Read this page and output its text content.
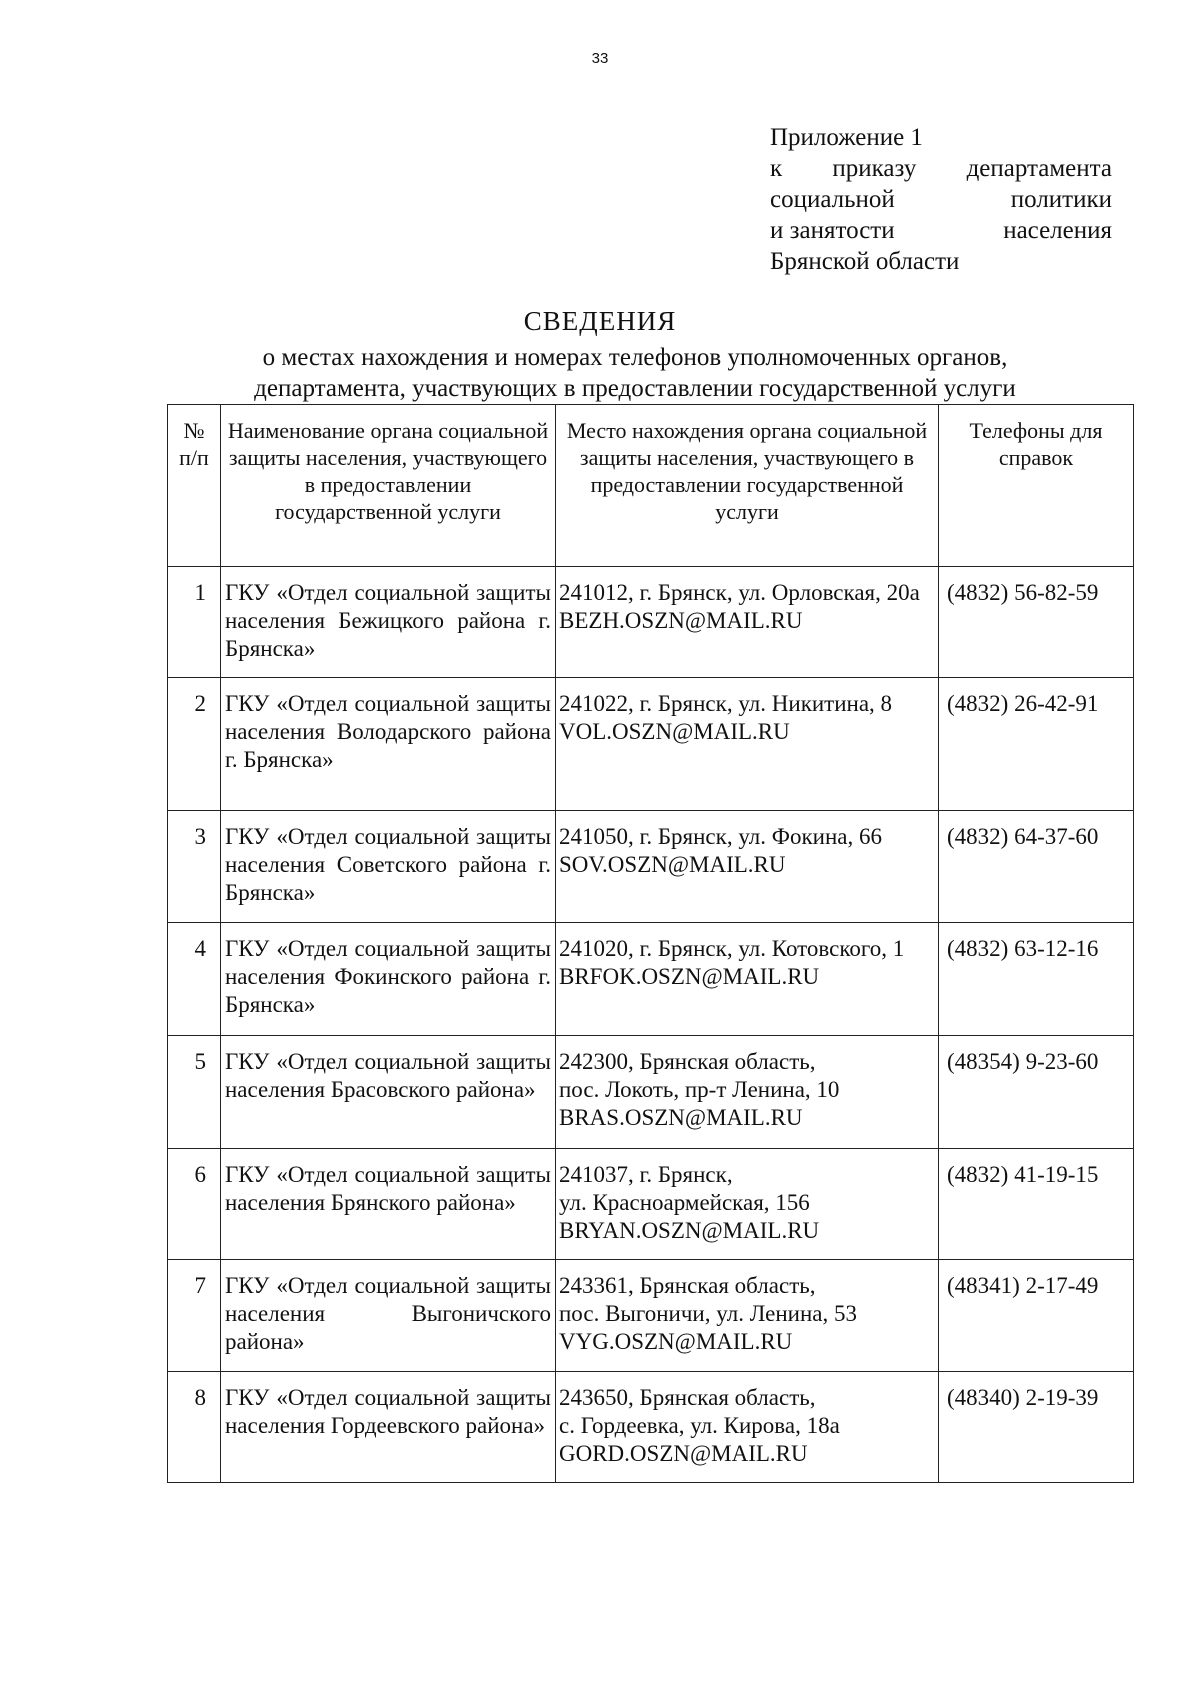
33
Приложение 1
к приказу департамента
социальной	политики
и занятости	населения
Брянской области
СВЕДЕНИЯ
о местах нахождения и номерах телефонов уполномоченных органов,
департамента, участвующих в предоставлении государственной услуги
№ п/п	Наименование органа социальной защиты населения, участвующего в предоставлении государственной услуги	Место нахождения органа социальной защиты населения, участвующего в предоставлении государственной услуги	Телефоны для справок
1	ГКУ «Отдел социальной защиты населения Бежицкого района г. Брянска»	241012, г. Брянск, ул. Орловская, 20а
BEZH.OSZN@MAIL.RU	(4832) 56-82-59
2	ГКУ «Отдел социальной защиты населения Володарского района г. Брянска»	241022, г. Брянск, ул. Никитина, 8
VOL.OSZN@MAIL.RU	(4832) 26-42-91
3	ГКУ «Отдел социальной защиты населения Советского района г. Брянска»	241050, г. Брянск, ул. Фокина, 66
SOV.OSZN@MAIL.RU	(4832) 64-37-60
4	ГКУ «Отдел социальной защиты населения Фокинского района г. Брянска»	241020, г. Брянск, ул. Котовского, 1
BRFOK.OSZN@MAIL.RU	(4832) 63-12-16
5	ГКУ «Отдел социальной защиты населения Брасовского района»	242300, Брянская область,
пос. Локоть, пр-т Ленина, 10
BRAS.OSZN@MAIL.RU	(48354) 9-23-60
6	ГКУ «Отдел социальной защиты населения Брянского района»	241037, г. Брянск,
ул. Красноармейская, 156
BRYAN.OSZN@MAIL.RU	(4832) 41-19-15
7	ГКУ «Отдел социальной защиты населения Выгоничского района»	243361, Брянская область,
пос. Выгоничи, ул. Ленина, 53
VYG.OSZN@MAIL.RU	(48341) 2-17-49
8	ГКУ «Отдел социальной защиты населения Гордеевского района»	243650, Брянская область,
с. Гордеевка, ул. Кирова, 18а
GORD.OSZN@MAIL.RU	(48340) 2-19-39
